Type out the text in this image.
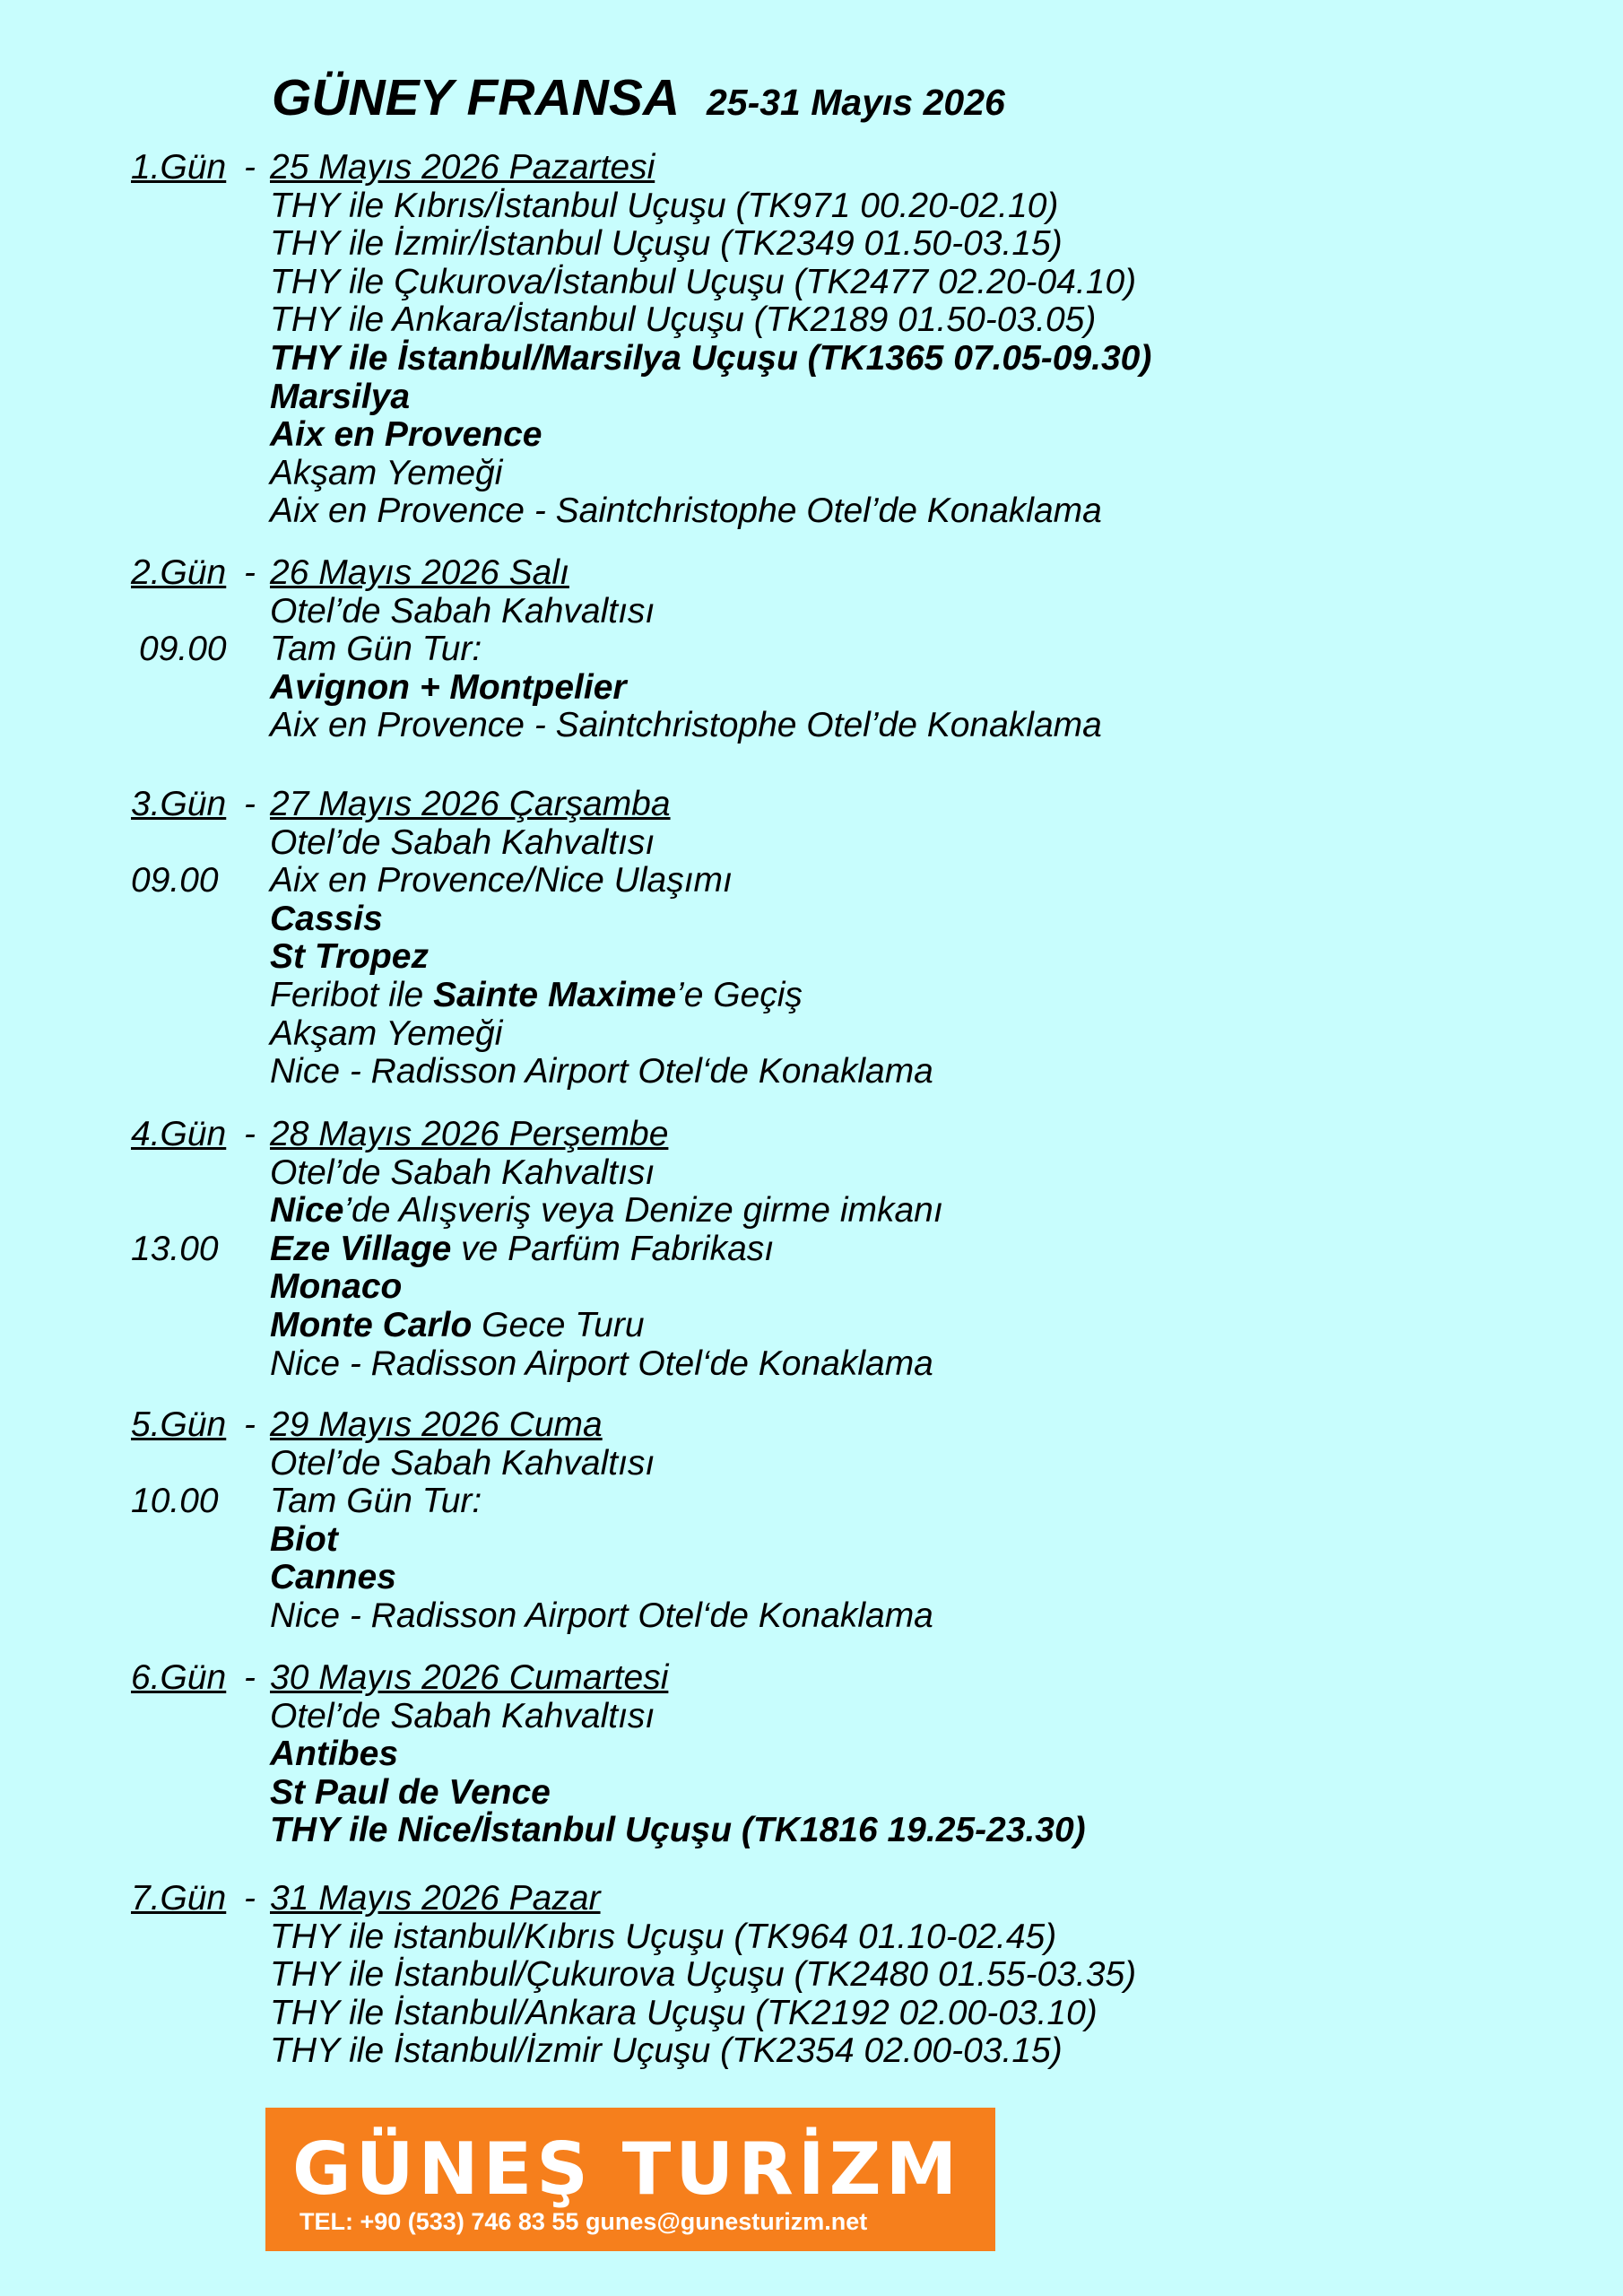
GÜNEY FRANSA 25-31 Mayıs 2026
1.Gün - 25 Mayıs 2026 Pazartesi
THY ile Kıbrıs/İstanbul Uçuşu (TK971 00.20-02.10)
THY ile İzmir/İstanbul Uçuşu (TK2349 01.50-03.15)
THY ile Çukurova/İstanbul Uçuşu (TK2477 02.20-04.10)
THY ile Ankara/İstanbul Uçuşu (TK2189 01.50-03.05)
THY ile İstanbul/Marsilya Uçuşu (TK1365 07.05-09.30)
Marsilya
Aix en Provence
Akşam Yemeği
Aix en Provence - Saintchristophe Otel’de Konaklama
2.Gün - 26 Mayıs 2026 Salı
Otel’de Sabah Kahvaltısı
09.00 Tam Gün Tur:
Avignon + Montpelier
Aix en Provence - Saintchristophe Otel’de Konaklama
3.Gün - 27 Mayıs 2026 Çarşamba
Otel’de Sabah Kahvaltısı
09.00 Aix en Provence/Nice Ulaşımı
Cassis
St Tropez
Feribot ile Sainte Maxime’e Geçiş
Akşam Yemeği
Nice - Radisson Airport Otel‘de Konaklama
4.Gün - 28 Mayıs 2026 Perşembe
Otel’de Sabah Kahvaltısı
Nice’de Alışveriş veya Denize girme imkanı
13.00 Eze Village ve Parfüm Fabrikası
Monaco
Monte Carlo Gece Turu
Nice - Radisson Airport Otel‘de Konaklama
5.Gün - 29 Mayıs 2026 Cuma
Otel’de Sabah Kahvaltısı
10.00 Tam Gün Tur:
Biot
Cannes
Nice - Radisson Airport Otel‘de Konaklama
6.Gün - 30 Mayıs 2026 Cumartesi
Otel’de Sabah Kahvaltısı
Antibes
St Paul de Vence
THY ile Nice/İstanbul Uçuşu (TK1816 19.25-23.30)
7.Gün - 31 Mayıs 2026 Pazar
THY ile istanbul/Kıbrıs Uçuşu (TK964 01.10-02.45)
THY ile İstanbul/Çukurova Uçuşu (TK2480 01.55-03.35)
THY ile İstanbul/Ankara Uçuşu (TK2192 02.00-03.10)
THY ile İstanbul/İzmir Uçuşu (TK2354 02.00-03.15)
GÜNEŞ TURİZM
TEL: +90 (533) 746 83 55 gunes@gunesturizm.net
